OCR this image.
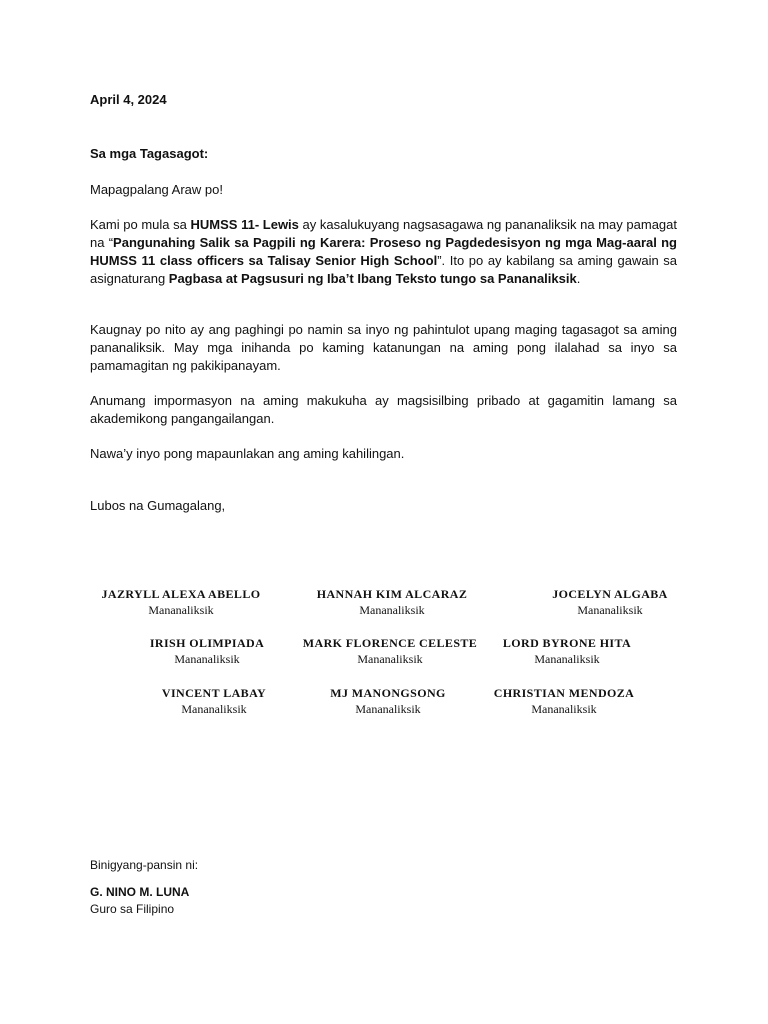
April 4, 2024
Sa mga Tagasagot:
Mapagpalang Araw po!

Kami po mula sa HUMSS 11- Lewis ay kasalukuyang nagsasagawa ng pananaliksik na may pamagat na “Pangunahing Salik sa Pagpili ng Karera: Proseso ng Pagdedesisyon ng mga Mag-aaral ng HUMSS 11 class officers sa Talisay Senior High School”. Ito po ay kabilang sa aming gawain sa asignaturang Pagbasa at Pagsusuri ng Iba’t Ibang Teksto tungo sa Pananaliksik.

Kaugnay po nito ay ang paghingi po namin sa inyo ng pahintulot upang maging tagasagot sa aming pananaliksik. May mga inihanda po kaming katanungan na aming pong ilalahad sa inyo sa pamamagitan ng pakikipanayam.

Anumang impormasyon na aming makukuha ay magsisilbing pribado at gagamitin lamang sa akademikong pangangailangan.

Nawa’y inyo pong mapaunlakan ang aming kahilingan.

Lubos na Gumagalang,
JAZRYLL ALEXA ABELLO
Mananaliksik
HANNAH KIM ALCARAZ
Mananaliksik
JOCELYN ALGABA
Mananaliksik
IRISH OLIMPIADA
Mananaliksik
MARK FLORENCE CELESTE
Mananaliksik
LORD BYRONE HITA
Mananaliksik
VINCENT LABAY
Mananaliksik
MJ MANONGSONG
Mananaliksik
CHRISTIAN MENDOZA
Mananaliksik
Binigyang-pansin ni:
G. NINO M. LUNA
Guro sa Filipino
